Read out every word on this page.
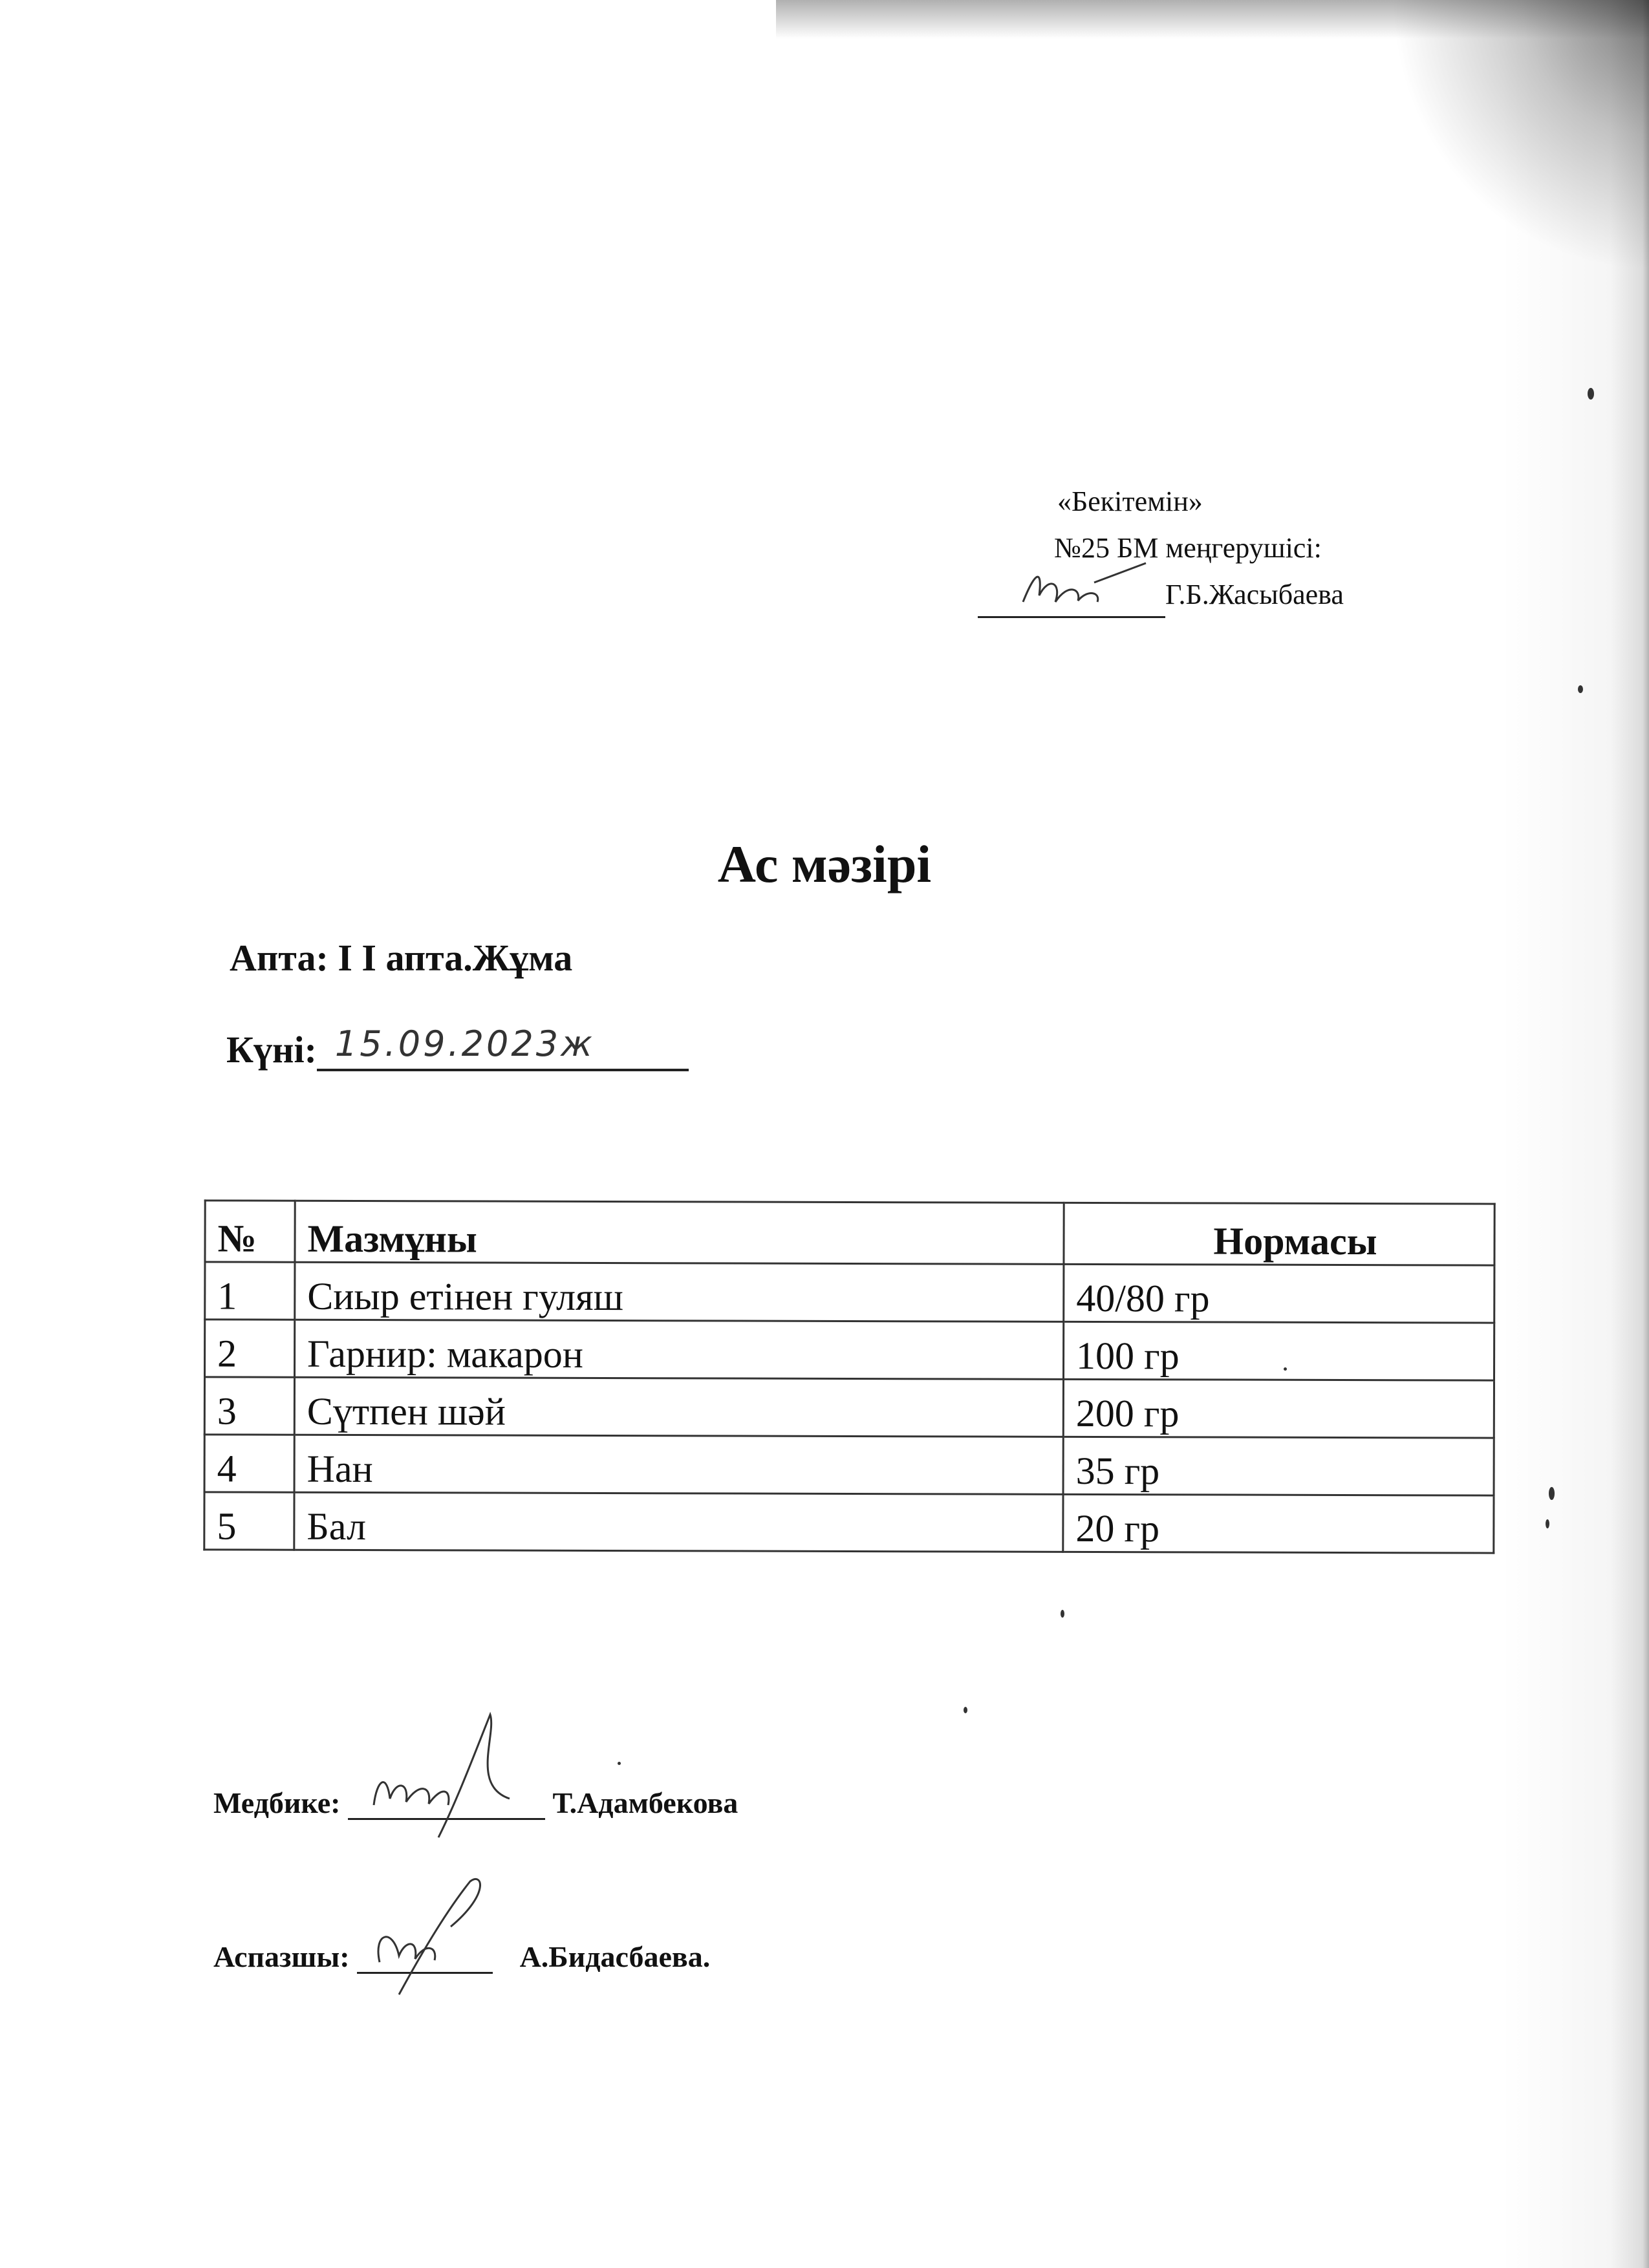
«Бекітемін»
№25 БМ меңгерушісі:
Г.Б.Жасыбаева
Ас мәзірі
Апта: I I апта.Жұма
Күні: 15.09.2023ж
№	Мазмұны	Нормасы
1	Сиыр етінен гуляш	40/80 гр
2	Гарнир: макарон	100 гр
3	Сүтпен шәй	200 гр
4	Нан	35 гр
5	Бал	20 гр
Медбике:	Т.Адамбекова
Аспазшы:	А.Бидасбаева.
